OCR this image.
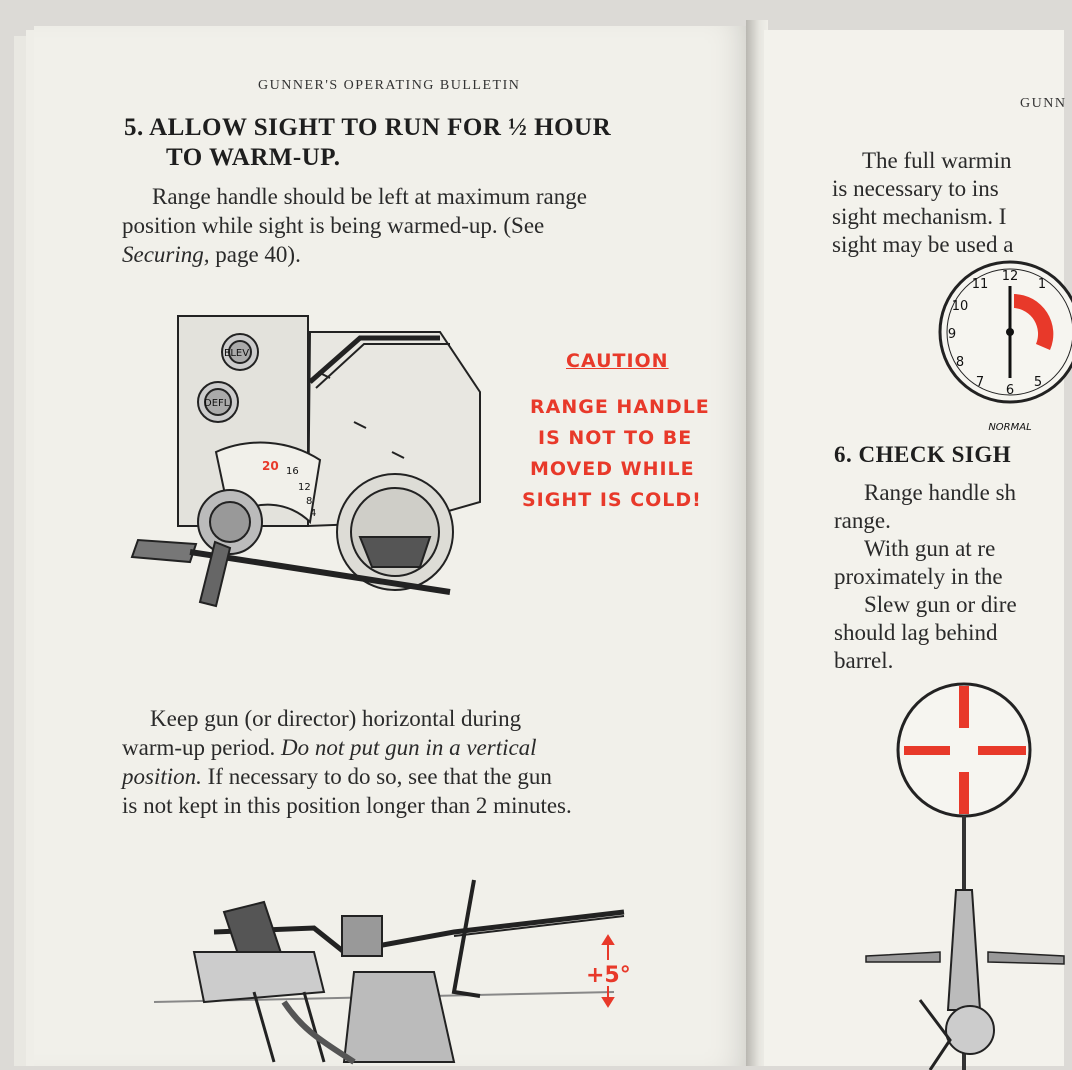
GUNNER'S OPERATING BULLETIN
5. ALLOW SIGHT TO RUN FOR ½ HOUR
TO WARM-UP.
Range handle should be left at maximum range
position while sight is being warmed-up. (See
Securing, page 40).
ELEV
DEFL
20 16
12
8
4
CAUTION
RANGE HANDLE
IS NOT TO BE
MOVED WHILE
SIGHT IS COLD!
Keep gun (or director) horizontal during
warm-up period. Do not put gun in a vertical
position. If necessary to do so, see that the gun
is not kept in this position longer than 2 minutes.
+5°
GUNN
The full warmin
is necessary to ins
sight mechanism. I
sight may be used a
12
1
11
10
9
8
7
6
5
NORMAL
6. CHECK SIGH
Range handle sh
range.
With gun at re
proximately in the
Slew gun or dire
should lag behind
barrel.
